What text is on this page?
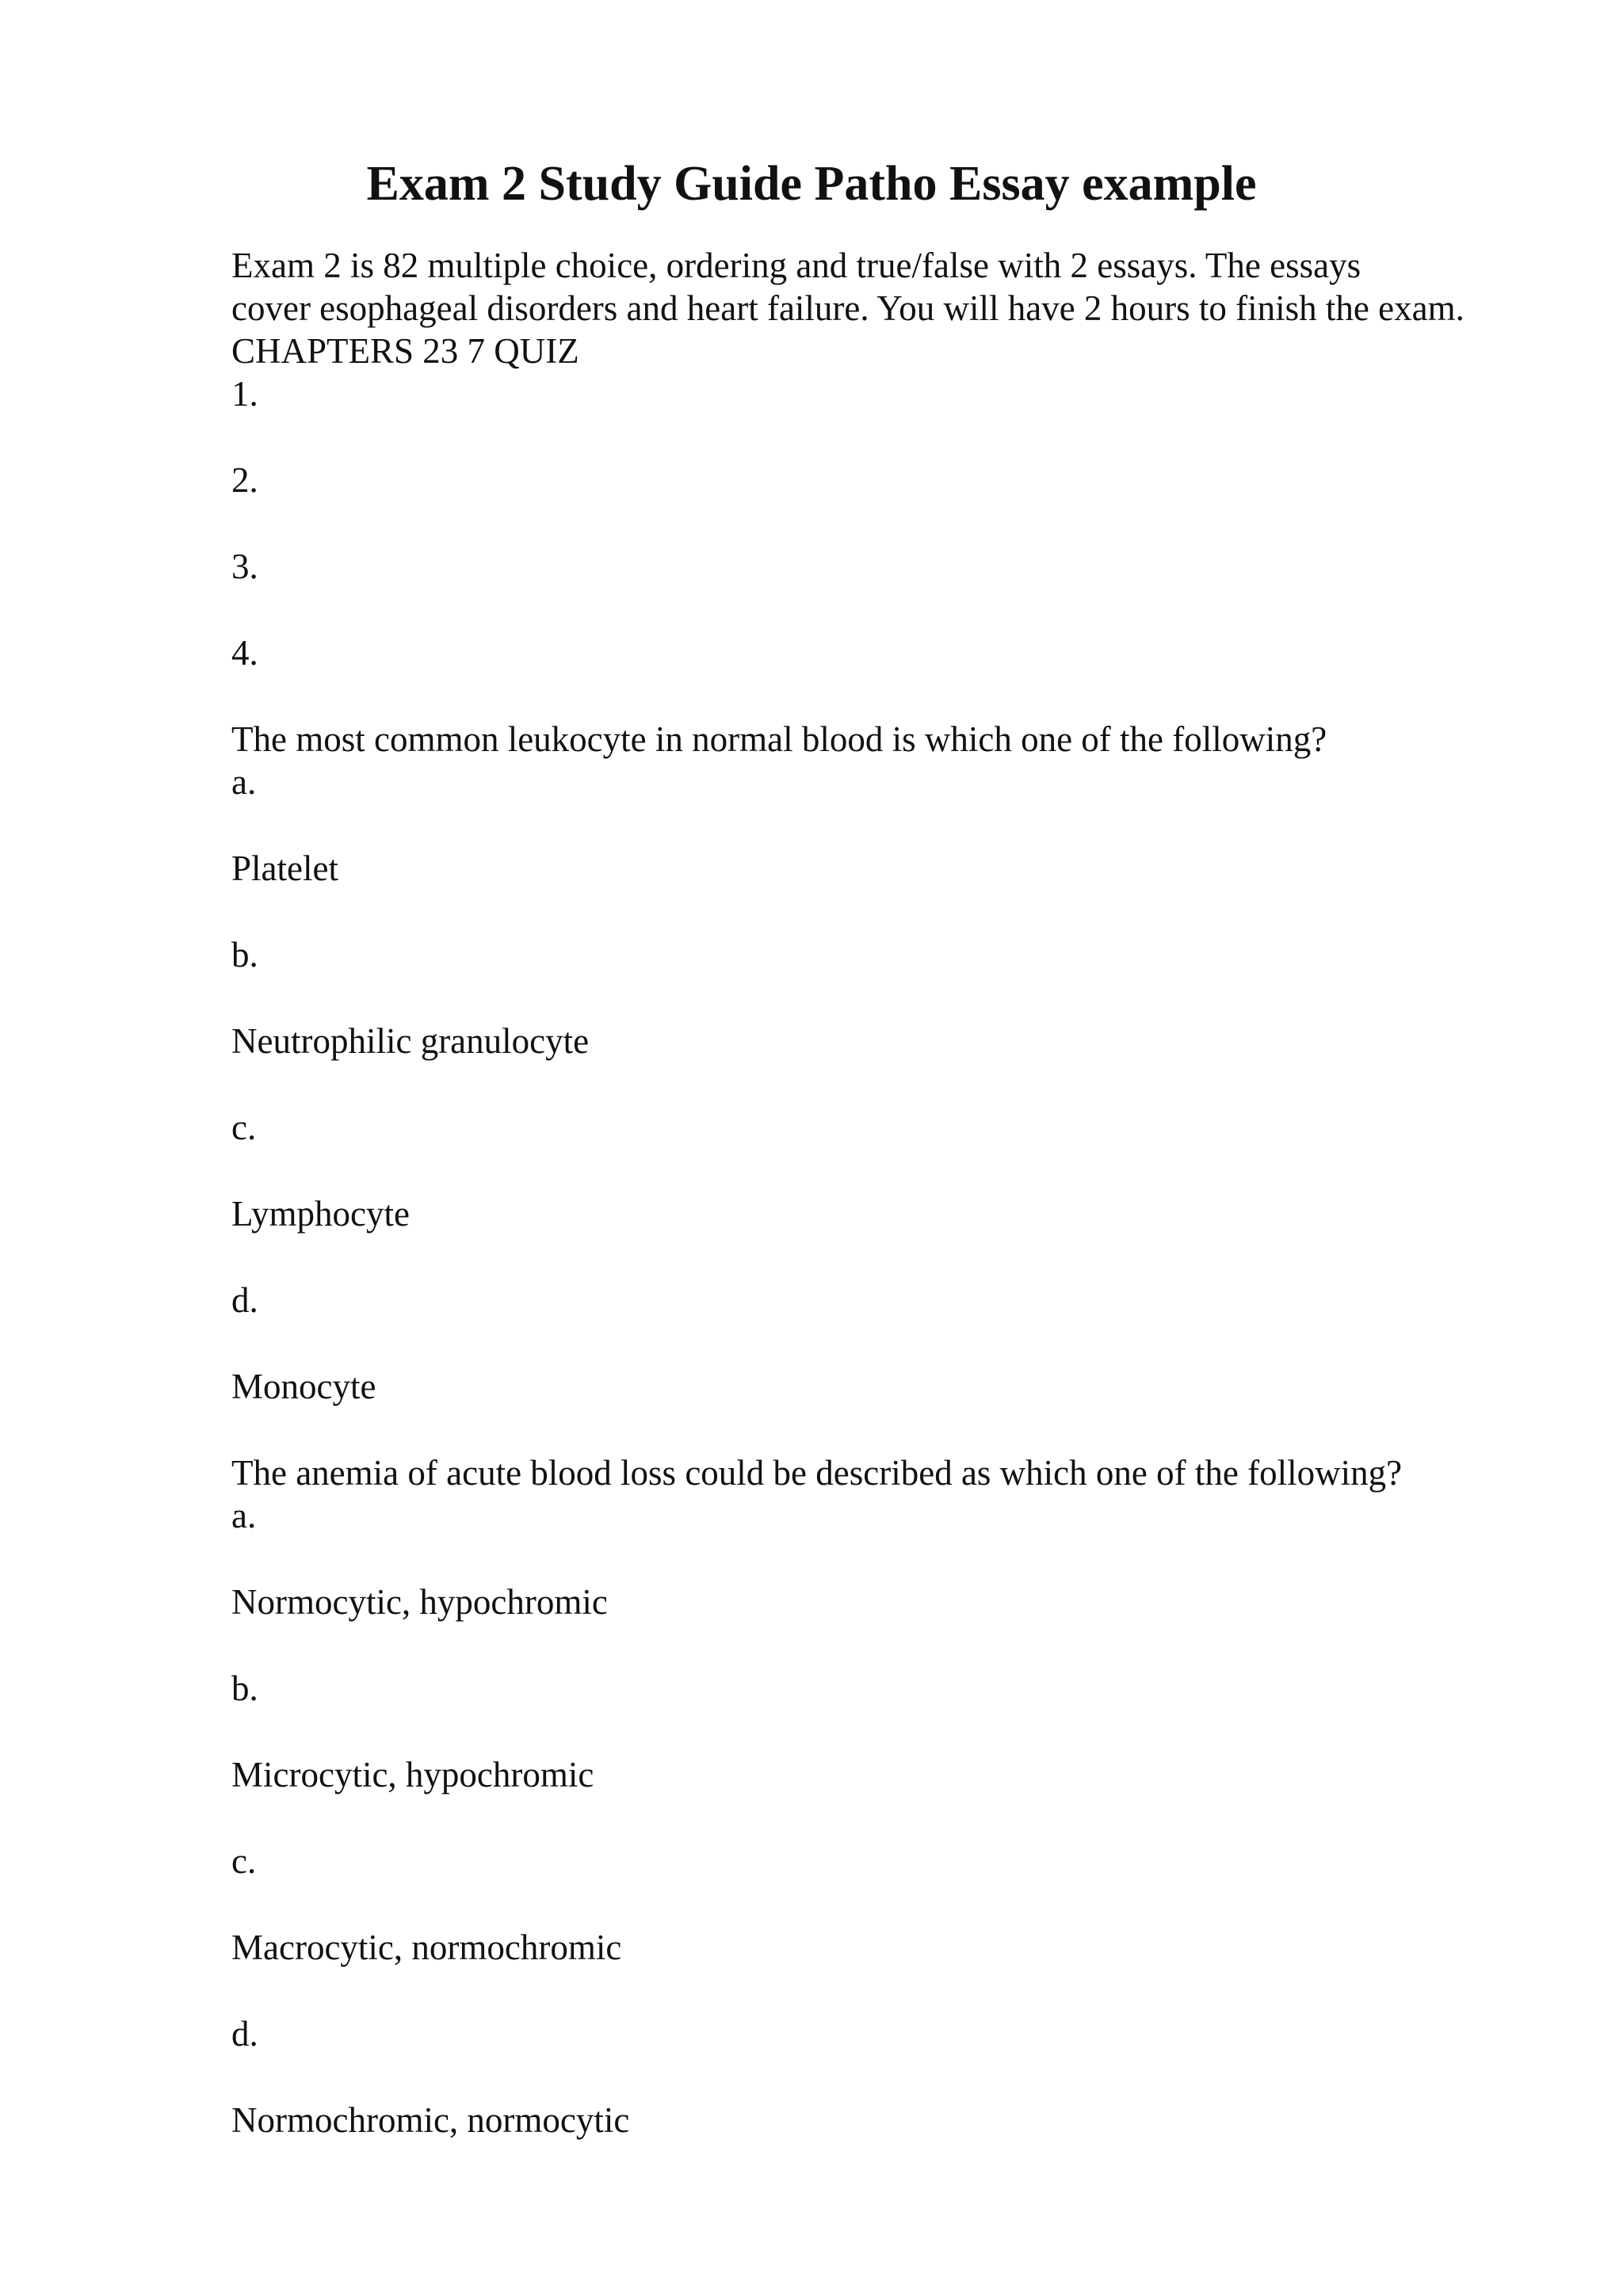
Exam 2 Study Guide Patho Essay example
Exam 2 is 82 multiple choice, ordering and true/false with 2 essays. The essays
cover esophageal disorders and heart failure. You will have 2 hours to finish the exam.
CHAPTERS 23 7 QUIZ
1.
2.
3.
4.
The most common leukocyte in normal blood is which one of the following?
a.
Platelet
b.
Neutrophilic granulocyte
c.
Lymphocyte
d.
Monocyte
The anemia of acute blood loss could be described as which one of the following?
a.
Normocytic, hypochromic
b.
Microcytic, hypochromic
c.
Macrocytic, normochromic
d.
Normochromic, normocytic
